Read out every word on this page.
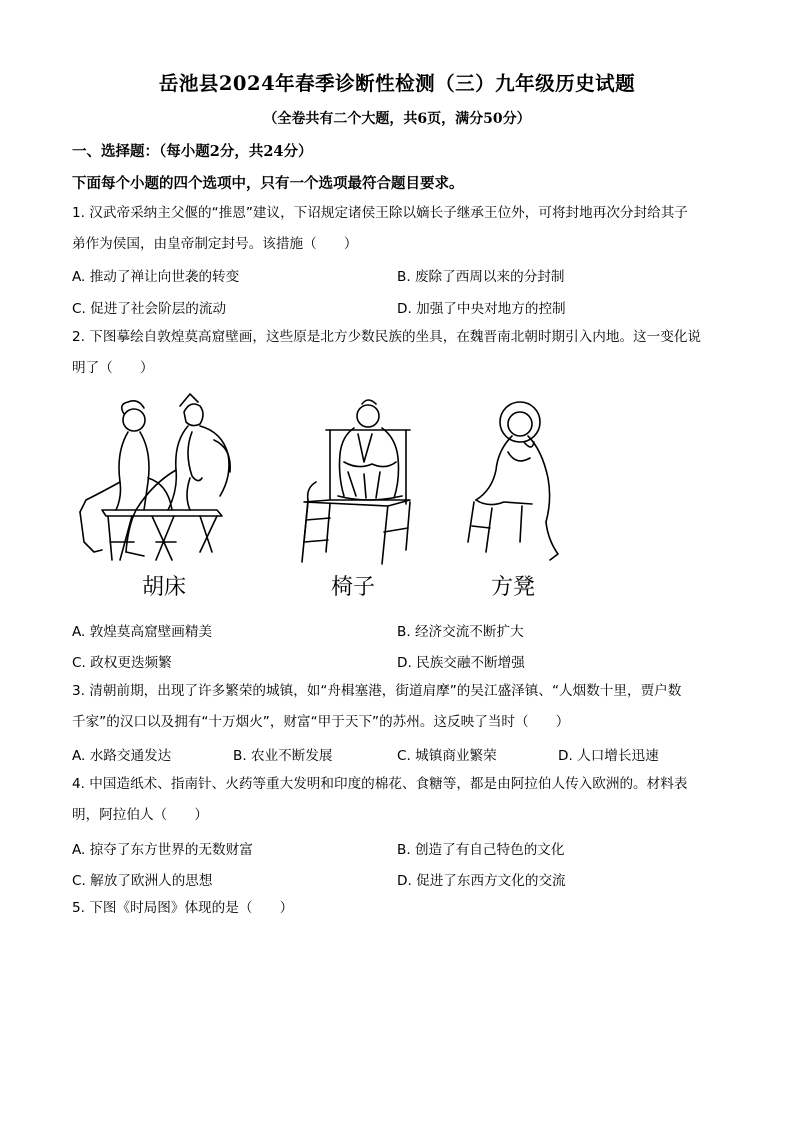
岳池县2024年春季诊断性检测（三）九年级历史试题
（全卷共有二个大题，共6页，满分50分）
一、选择题：（每小题2分，共24分）
下面每个小题的四个选项中，只有一个选项最符合题目要求。
1. 汉武帝采纳主父偃的“推恩”建议，下诏规定诸侯王除以嫡长子继承王位外，可将封地再次分封给其子
弟作为侯国，由皇帝制定封号。该措施（　　）
A. 推动了禅让向世袭的转变	B. 废除了西周以来的分封制
C. 促进了社会阶层的流动	D. 加强了中央对地方的控制
2. 下图摹绘自敦煌莫高窟壁画，这些原是北方少数民族的坐具，在魏晋南北朝时期引入内地。这一变化说
明了（　　）
胡床	椅子	方凳
A. 敦煌莫高窟壁画精美	B. 经济交流不断扩大
C. 政权更迭频繁	D. 民族交融不断增强
3. 清朝前期，出现了许多繁荣的城镇，如“舟楫塞港，街道肩摩”的吴江盛泽镇、“人烟数十里，贾户数
千家”的汉口以及拥有“十万烟火”，财富“甲于天下”的苏州。这反映了当时（　　）
A. 水路交通发达	B. 农业不断发展	C. 城镇商业繁荣	D. 人口增长迅速
4. 中国造纸术、指南针、火药等重大发明和印度的棉花、食糖等，都是由阿拉伯人传入欧洲的。材料表
明，阿拉伯人（　　）
A. 掠夺了东方世界的无数财富	B. 创造了有自己特色的文化
C. 解放了欧洲人的思想	D. 促进了东西方文化的交流
5. 下图《时局图》体现的是（　　）
